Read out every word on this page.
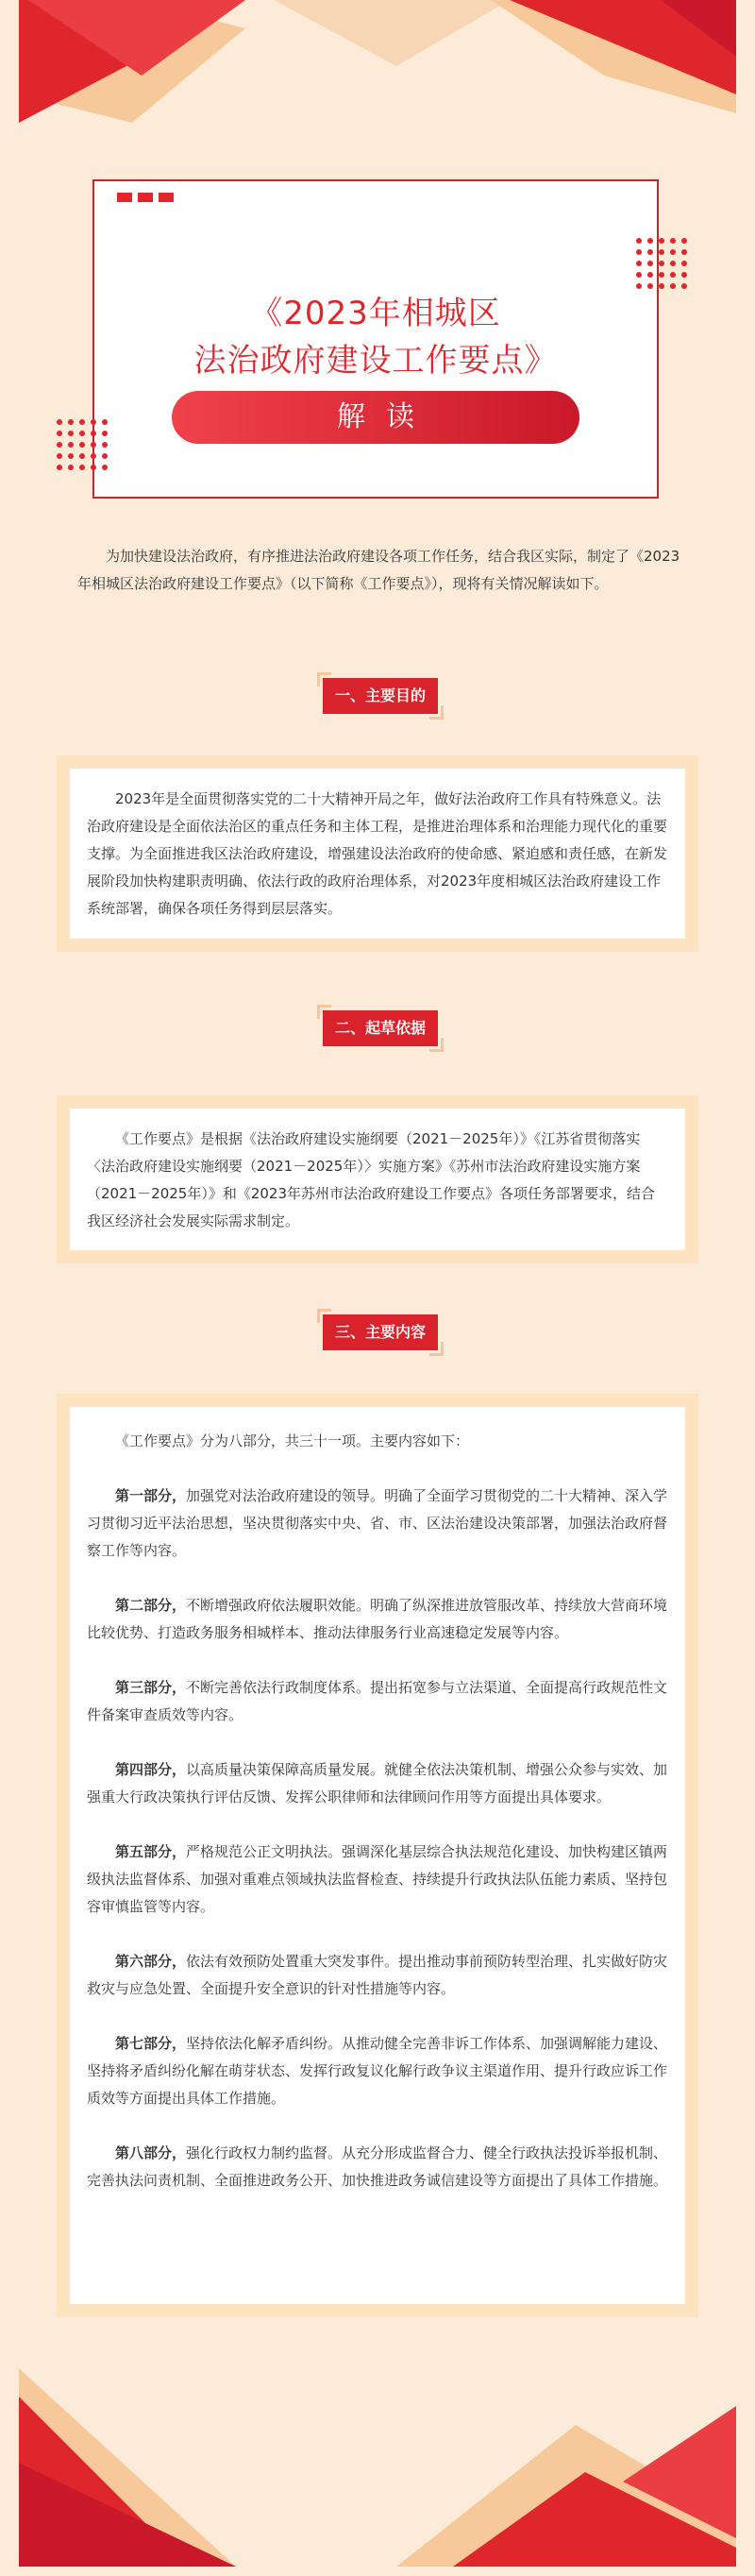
《2023年相城区
法治政府建设工作要点》
解读
为加快建设法治政府，有序推进法治政府建设各项工作任务，结合我区实际，制定了《2023年相城区法治政府建设工作要点》（以下简称《工作要点》），现将有关情况解读如下。
一、主要目的

2023年是全面贯彻落实党的二十大精神开局之年，做好法治政府工作具有特殊意义。法治政府建设是全面依法治区的重点任务和主体工程，是推进治理体系和治理能力现代化的重要支撑。为全面推进我区法治政府建设，增强建设法治政府的使命感、紧迫感和责任感，在新发展阶段加快构建职责明确、依法行政的政府治理体系，对2023年度相城区法治政府建设工作系统部署，确保各项任务得到层层落实。

二、起草依据

《工作要点》是根据《法治政府建设实施纲要（2021－2025年）》《江苏省贯彻落实〈法治政府建设实施纲要（2021－2025年）〉实施方案》《苏州市法治政府建设实施方案（2021－2025年）》和《2023年苏州市法治政府建设工作要点》各项任务部署要求，结合我区经济社会发展实际需求制定。

三、主要内容

《工作要点》分为八部分，共三十一项。主要内容如下：

第一部分，加强党对法治政府建设的领导。明确了全面学习贯彻党的二十大精神、深入学习贯彻习近平法治思想，坚决贯彻落实中央、省、市、区法治建设决策部署，加强法治政府督察工作等内容。

第二部分，不断增强政府依法履职效能。明确了纵深推进放管服改革、持续放大营商环境比较优势、打造政务服务相城样本、推动法律服务行业高速稳定发展等内容。

第三部分，不断完善依法行政制度体系。提出拓宽参与立法渠道、全面提高行政规范性文件备案审查质效等内容。

第四部分，以高质量决策保障高质量发展。就健全依法决策机制、增强公众参与实效、加强重大行政决策执行评估反馈、发挥公职律师和法律顾问作用等方面提出具体要求。

第五部分，严格规范公正文明执法。强调深化基层综合执法规范化建设、加快构建区镇两级执法监督体系、加强对重难点领域执法监督检查、持续提升行政执法队伍能力素质、坚持包容审慎监管等内容。

第六部分，依法有效预防处置重大突发事件。提出推动事前预防转型治理、扎实做好防灾救灾与应急处置、全面提升安全意识的针对性措施等内容。

第七部分，坚持依法化解矛盾纠纷。从推动健全完善非诉工作体系、加强调解能力建设、坚持将矛盾纠纷化解在萌芽状态、发挥行政复议化解行政争议主渠道作用、提升行政应诉工作质效等方面提出具体工作措施。

第八部分，强化行政权力制约监督。从充分形成监督合力、健全行政执法投诉举报机制、完善执法问责机制、全面推进政务公开、加快推进政务诚信建设等方面提出了具体工作措施。
